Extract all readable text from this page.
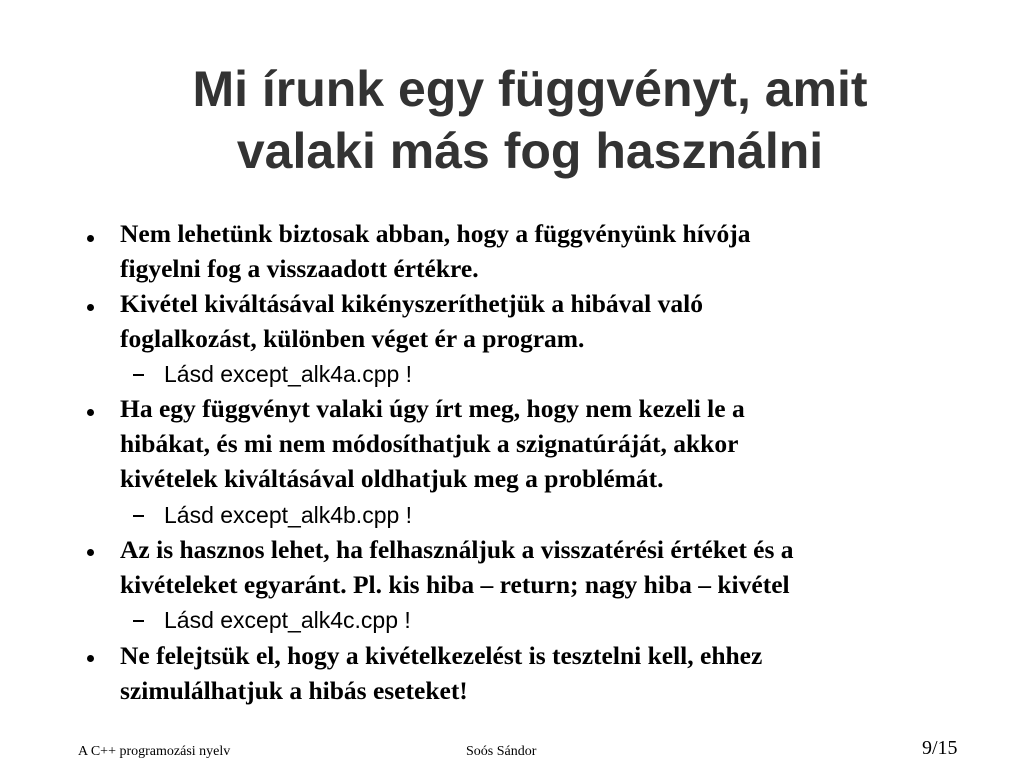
Mi írunk egy függvényt, amit
valaki más fog használni
Nem lehetünk biztosak abban, hogy a függvényünk hívója
figyelni fog a visszaadott értékre.
Kivétel kiváltásával kikényszeríthetjük a hibával való
foglalkozást, különben véget ér a program.
Lásd except_alk4a.cpp !
Ha egy függvényt valaki úgy írt meg, hogy nem kezeli le a
hibákat, és mi nem módosíthatjuk a szignatúráját, akkor
kivételek kiváltásával oldhatjuk meg a problémát.
Lásd except_alk4b.cpp !
Az is hasznos lehet, ha felhasználjuk a visszatérési értéket és a
kivételeket egyaránt. Pl. kis hiba – return; nagy hiba – kivétel
Lásd except_alk4c.cpp !
Ne felejtsük el, hogy a kivételkezelést is tesztelni kell, ehhez
szimulálhatjuk a hibás eseteket!
A C++ programozási nyelv	Soós Sándor	9/15
